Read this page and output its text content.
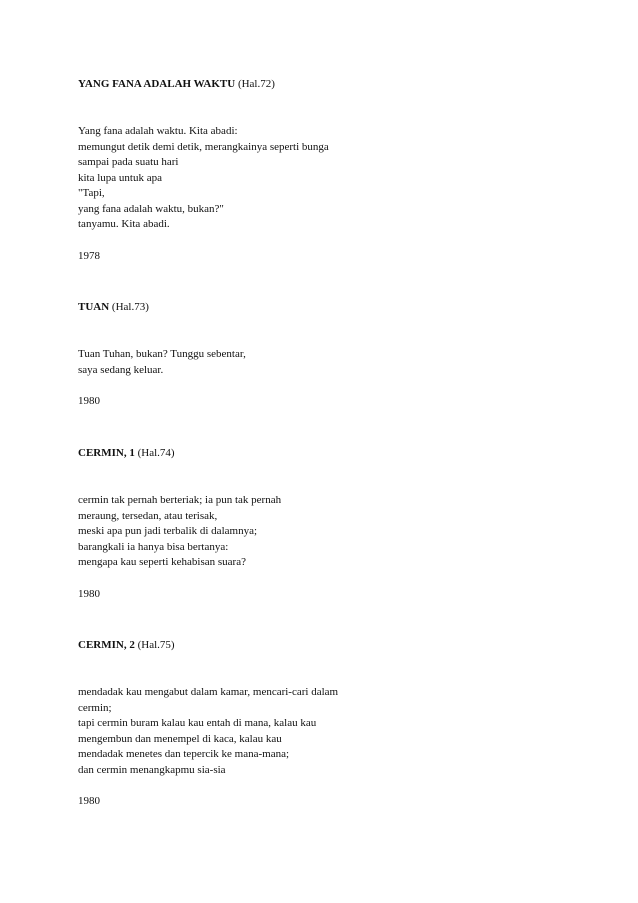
YANG FANA ADALAH WAKTU (Hal.72)

Yang fana adalah waktu. Kita abadi:
memungut detik demi detik, merangkainya seperti bunga
sampai pada suatu hari
kita lupa untuk apa
"Tapi,
yang fana adalah waktu, bukan?"
tanyamu. Kita abadi.

1978

TUAN (Hal.73)

Tuan Tuhan, bukan? Tunggu sebentar,
saya sedang keluar.

1980

CERMIN, 1 (Hal.74)

cermin tak pernah berteriak; ia pun tak pernah
meraung, tersedan, atau terisak,
meski apa pun jadi terbalik di dalamnya;
barangkali ia hanya bisa bertanya:
mengapa kau seperti kehabisan suara?

1980

CERMIN, 2 (Hal.75)

mendadak kau mengabut dalam kamar, mencari-cari dalam
cermin;
tapi cermin buram kalau kau entah di mana, kalau kau
mengembun dan menempel di kaca, kalau kau
mendadak menetes dan tepercik ke mana-mana;
dan cermin menangkapmu sia-sia

1980
